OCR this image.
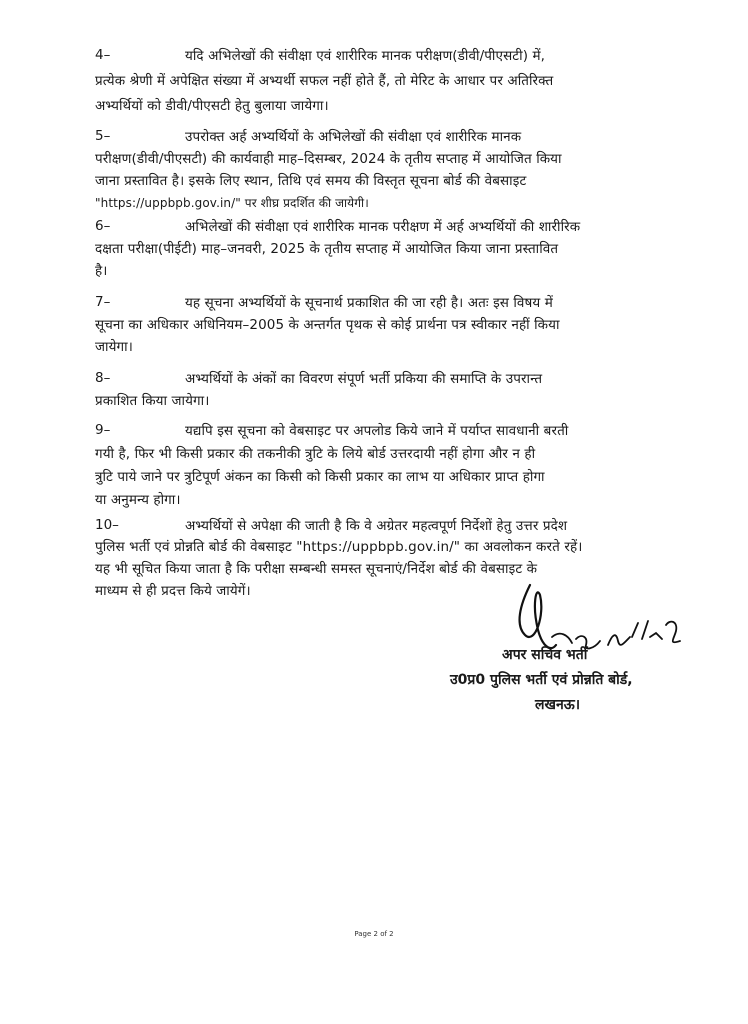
4–	यदि अभिलेखों की संवीक्षा एवं शारीरिक मानक परीक्षण(डीवी/पीएसटी) में,
प्रत्येक श्रेणी में अपेक्षित संख्या में अभ्यर्थी सफल नहीं होते हैं, तो मेरिट के आधार पर अतिरिक्त
अभ्यर्थियों को डीवी/पीएसटी हेतु बुलाया जायेगा।
5–	उपरोक्त अर्ह अभ्यर्थियों के अभिलेखों की संवीक्षा एवं शारीरिक मानक
परीक्षण(डीवी/पीएसटी) की कार्यवाही माह–दिसम्बर, 2024 के तृतीय सप्ताह में आयोजित किया
जाना प्रस्तावित है। इसके लिए स्थान, तिथि एवं समय की विस्तृत सूचना बोर्ड की वेबसाइट
"https://uppbpb.gov.in/" पर शीघ्र प्रदर्शित की जायेगी।
6–	अभिलेखों की संवीक्षा एवं शारीरिक मानक परीक्षण में अर्ह अभ्यर्थियों की शारीरिक
दक्षता परीक्षा(पीईटी) माह–जनवरी, 2025 के तृतीय सप्ताह में आयोजित किया जाना प्रस्तावित
है।
7–	यह सूचना अभ्यर्थियों के सूचनार्थ प्रकाशित की जा रही है। अतः इस विषय में
सूचना का अधिकार अधिनियम–2005 के अन्तर्गत पृथक से कोई प्रार्थना पत्र स्वीकार नहीं किया
जायेगा।
8–	अभ्यर्थियों के अंकों का विवरण संपूर्ण भर्ती प्रकिया की समाप्ति के उपरान्त
प्रकाशित किया जायेगा।
9–	यद्यपि इस सूचना को वेबसाइट पर अपलोड किये जाने में पर्याप्त सावधानी बरती
गयी है, फिर भी किसी प्रकार की तकनीकी त्रुटि के लिये बोर्ड उत्तरदायी नहीं होगा और न ही
त्रुटि पाये जाने पर त्रुटिपूर्ण अंकन का किसी को किसी प्रकार का लाभ या अधिकार प्राप्त होगा
या अनुमन्य होगा।
10–	अभ्यर्थियों से अपेक्षा की जाती है कि वे अग्रेतर महत्वपूर्ण निर्देशों हेतु उत्तर प्रदेश
पुलिस भर्ती एवं प्रोन्नति बोर्ड की वेबसाइट "https://uppbpb.gov.in/" का अवलोकन करते रहें।
यह भी सूचित किया जाता है कि परीक्षा सम्बन्धी समस्त सूचनाएं/निर्देश बोर्ड की वेबसाइट के
माध्यम से ही प्रदत्त किये जायेगें।
अपर सचिव भर्ती
उ0प्र0 पुलिस भर्ती एवं प्रोन्नति बोर्ड,
लखनऊ।
Page 2 of 2
